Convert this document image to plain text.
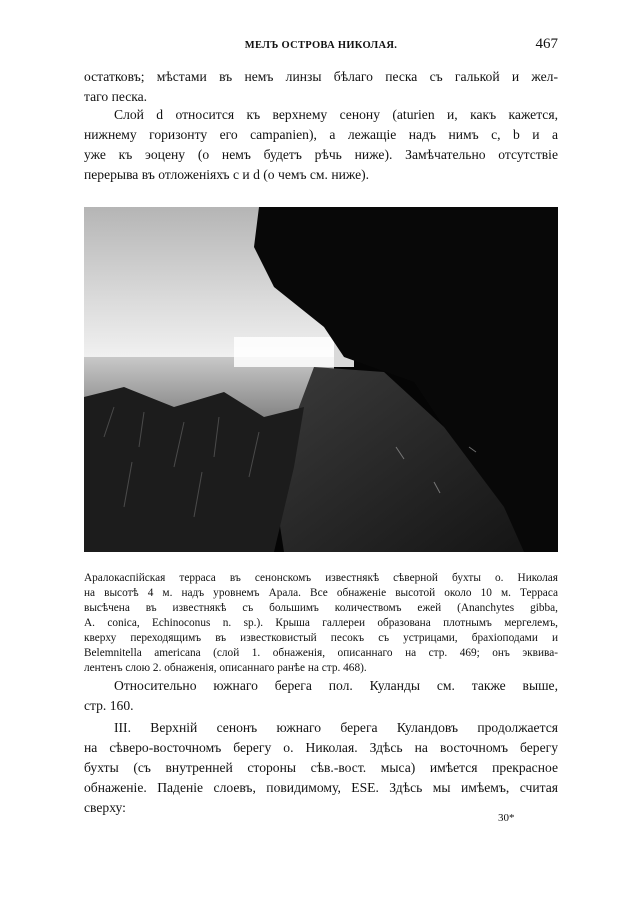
МЕЛЪ ОСТРОВА НИКОЛАЯ.	467

остатковъ; мѣстами въ немъ линзы бѣлаго песка съ галькой и жел-
таго песка.

Слой d относится къ верхнему сенону (aturien и, какъ кажется,
нижнему горизонту его campanien), а лежащіе надъ нимъ c, b и a
уже къ эоцену (о немъ будетъ рѣчь ниже). Замѣчательно отсутствіе
перерыва въ отложеніяхъ c и d (о чемъ см. ниже).

Аралокаспійская терраса въ сенонскомъ известнякѣ сѣверной бухты о. Николая
на высотѣ 4 м. надъ уровнемъ Арала. Все обнаженіе высотой около 10 м. Терраса
высѣчена въ известнякѣ съ большимъ количествомъ ежей (Ananchytes gibba,
A. conica, Echinoconus n. sp.). Крыша галлереи образована плотнымъ мергелемъ,
кверху переходящимъ въ известковистый песокъ съ устрицами, брахіоподами и
Belemnitella americana (слой 1. обнаженія, описаннаго на стр. 469; онъ эквива-
лентенъ слою 2. обнаженія, описаннаго ранѣе на стр. 468).

Относительно южнаго берега пол. Куланды см. также выше,
стр. 160.

III. Верхній сенонъ южнаго берега Куландовъ продолжается
на сѣверо-восточномъ берегу о. Николая. Здѣсь на восточномъ берегу
бухты (съ внутренней стороны сѣв.-вост. мыса) имѣется прекрасное
обнаженіе. Паденіе слоевъ, повидимому, ESE. Здѣсь мы имѣемъ, считая
сверху:

30*
